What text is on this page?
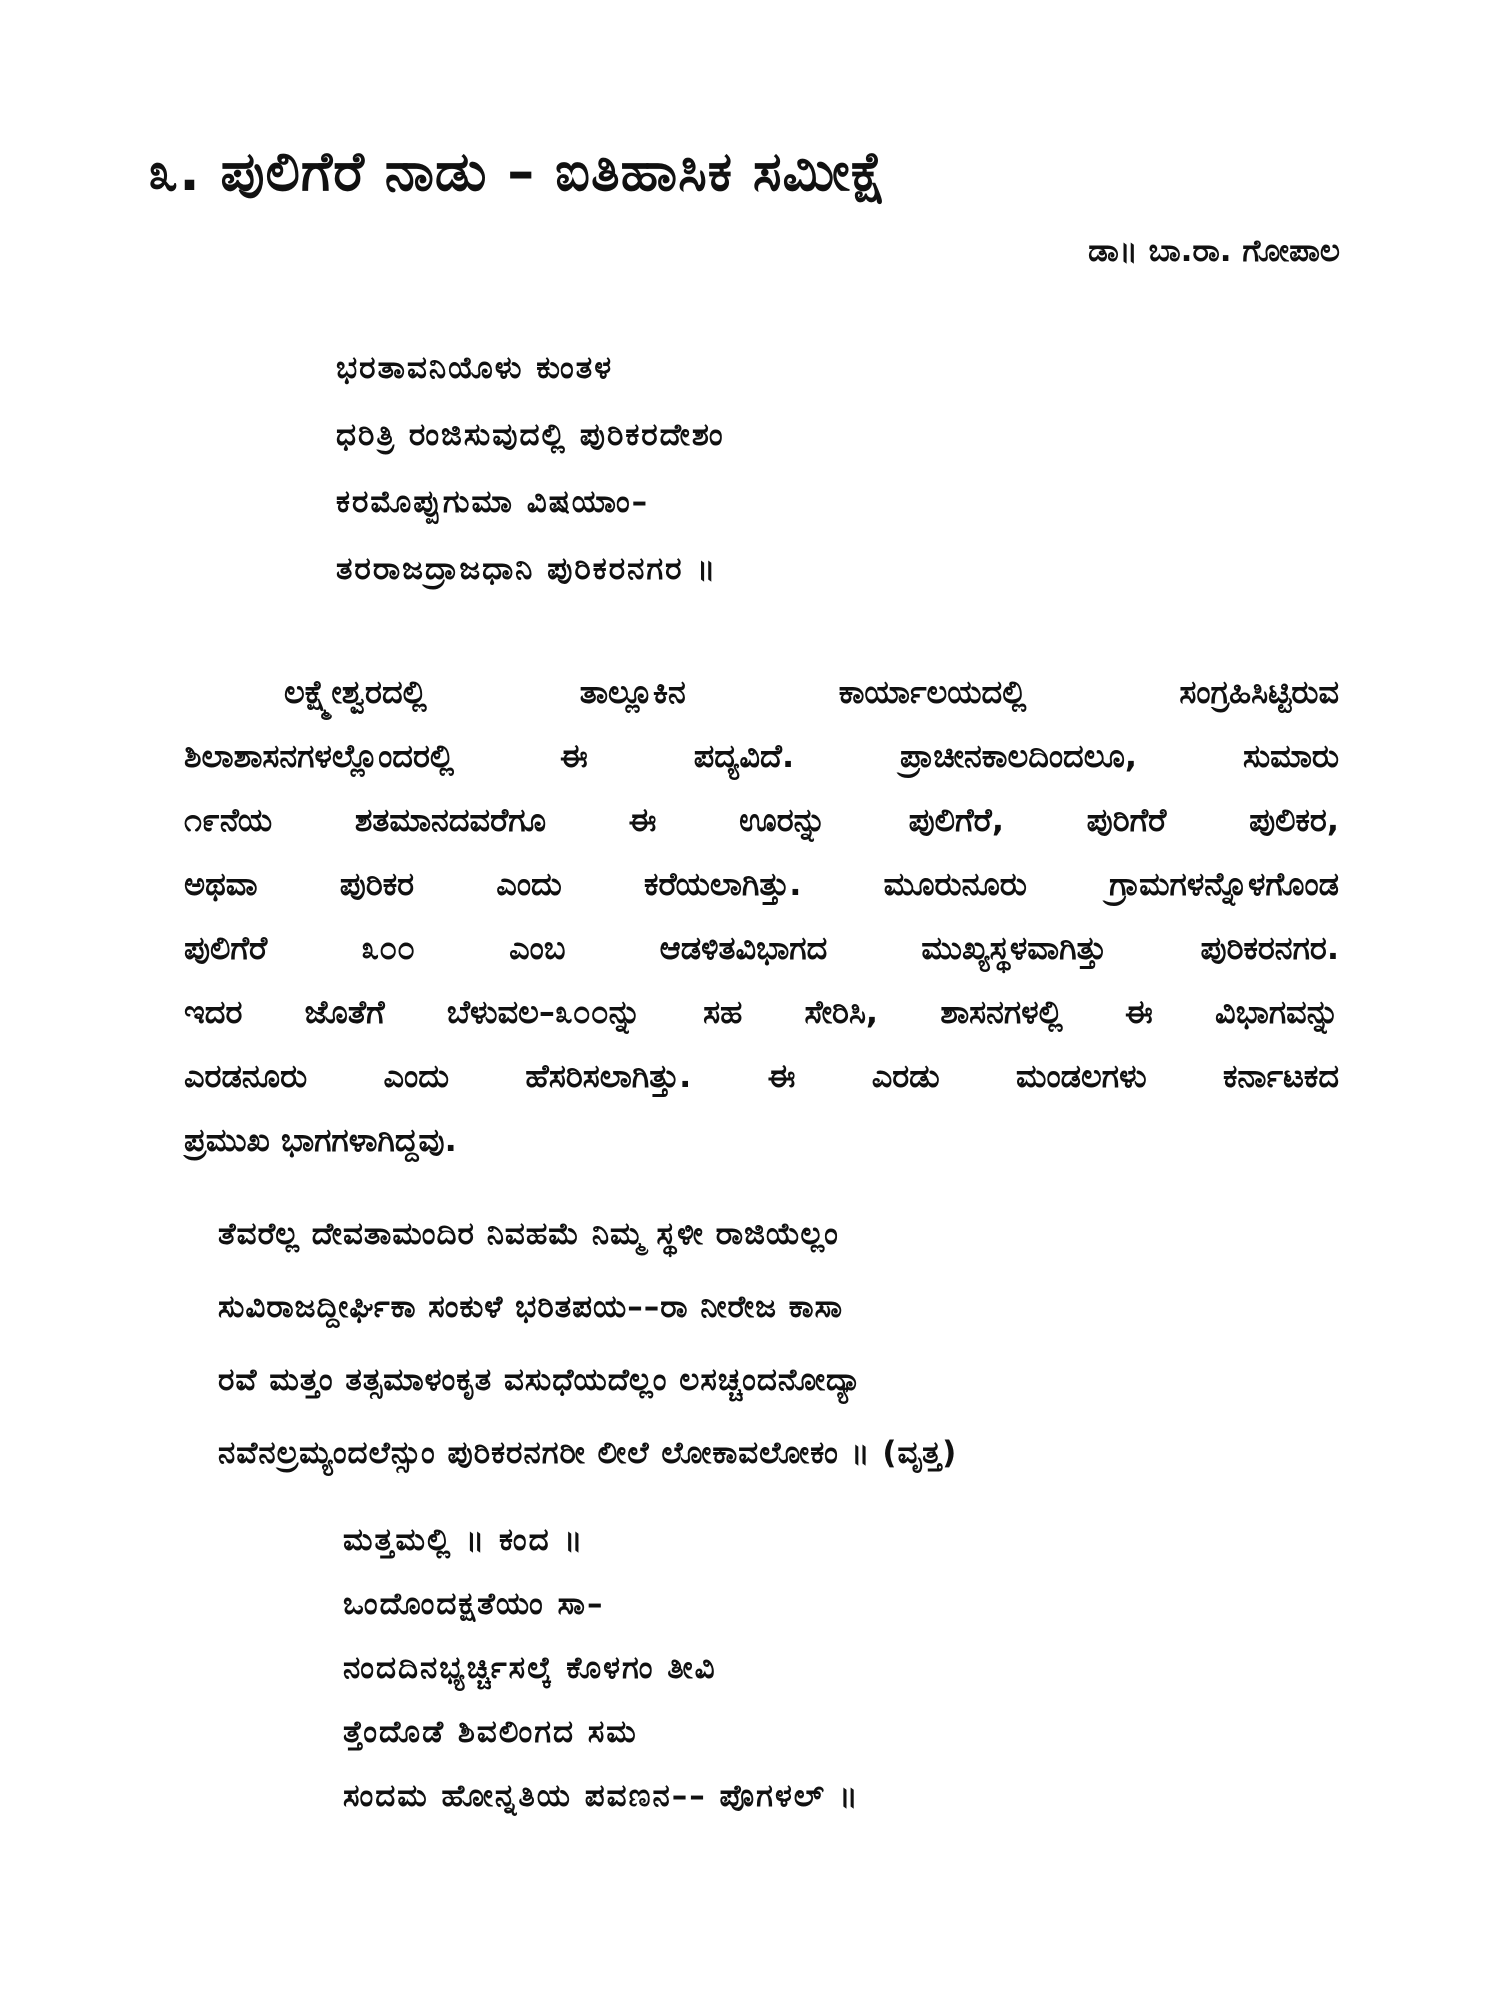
೩. ಪುಲಿಗೆರೆ ನಾಡು – ಐತಿಹಾಸಿಕ ಸಮೀಕ್ಷೆ
ಡಾ॥ ಬಾ.ರಾ. ಗೋಪಾಲ
ಭರತಾವನಿಯೊಳು ಕುಂತಳ
ಧರಿತ್ರಿ ರಂಜಿಸುವುದಲ್ಲಿ ಪುರಿಕರದೇಶಂ
ಕರಮೊಪ್ಪುಗುಮಾ ವಿಷಯಾಂ–
ತರರಾಜದ್ರಾಜಧಾನಿ ಪುರಿಕರನಗರ ॥
ಲಕ್ಷ್ಮೇಶ್ವರದಲ್ಲಿ ತಾಲ್ಲೂಕಿನ ಕಾರ್ಯಾಲಯದಲ್ಲಿ ಸಂಗ್ರಹಿಸಿಟ್ಟಿರುವ
ಶಿಲಾಶಾಸನಗಳಲ್ಲೊಂದರಲ್ಲಿ ಈ ಪದ್ಯವಿದೆ. ಪ್ರಾಚೀನಕಾಲದಿಂದಲೂ, ಸುಮಾರು
೧೯ನೆಯ ಶತಮಾನದವರೆಗೂ ಈ ಊರನ್ನು ಪುಲಿಗೆರೆ, ಪುರಿಗೆರೆ ಪುಲಿಕರ,
ಅಥವಾ ಪುರಿಕರ ಎಂದು ಕರೆಯಲಾಗಿತ್ತು. ಮೂರುನೂರು ಗ್ರಾಮಗಳನ್ನೊಳಗೊಂಡ
ಪುಲಿಗೆರೆ ೩೦೦ ಎಂಬ ಆಡಳಿತವಿಭಾಗದ ಮುಖ್ಯಸ್ಥಳವಾಗಿತ್ತು ಪುರಿಕರನಗರ.
ಇದರ ಜೊತೆಗೆ ಬೆಳುವಲ–೩೦೦ನ್ನು ಸಹ ಸೇರಿಸಿ, ಶಾಸನಗಳಲ್ಲಿ ಈ ವಿಭಾಗವನ್ನು
ಎರಡನೂರು ಎಂದು ಹೆಸರಿಸಲಾಗಿತ್ತು. ಈ ಎರಡು ಮಂಡಲಗಳು ಕರ್ನಾಟಕದ
ಪ್ರಮುಖ ಭಾಗಗಳಾಗಿದ್ದವು.
ತೆವರೆಲ್ಲ ದೇವತಾಮಂದಿರ ನಿವಹಮೆ ನಿಮ್ಮ ಸ್ಥಳೀ ರಾಜಿಯೆಲ್ಲಂ
ಸುವಿರಾಜದ್ದೀರ್ಘಿಕಾ ಸಂಕುಳೆ ಭರಿತಪಯ––ರಾ ನೀರೇಜ ಕಾಸಾ
ರವೆ ಮತ್ತಂ ತತ್ಸಮಾಳಂಕೃತ ವಸುಧೆಯದೆಲ್ಲಂ ಲಸಚ್ಚಂದನೋದ್ಯಾ
ನವೆನಲ್ರಮ್ಯಂದಲೆನ್ಸುಂ ಪುರಿಕರನಗರೀ ಲೀಲೆ ಲೋಕಾವಲೋಕಂ ॥ (ವೃತ್ತ)
ಮತ್ತಮಲ್ಲಿ ॥ ಕಂದ ॥
ಒಂದೊಂದಕ್ಷತೆಯಂ ಸಾ–
ನಂದದಿನಭ್ಯರ್ಚ್ಚಿಸಲ್ಕೆ ಕೊಳಗಂ ತೀವಿ
ತ್ತೆಂದೊಡೆ ಶಿವಲಿಂಗದ ಸಮ
ಸಂದಮ ಹೋನ್ನತಿಯ ಪವಣನ–– ಪೊಗಳಲ್ ॥
